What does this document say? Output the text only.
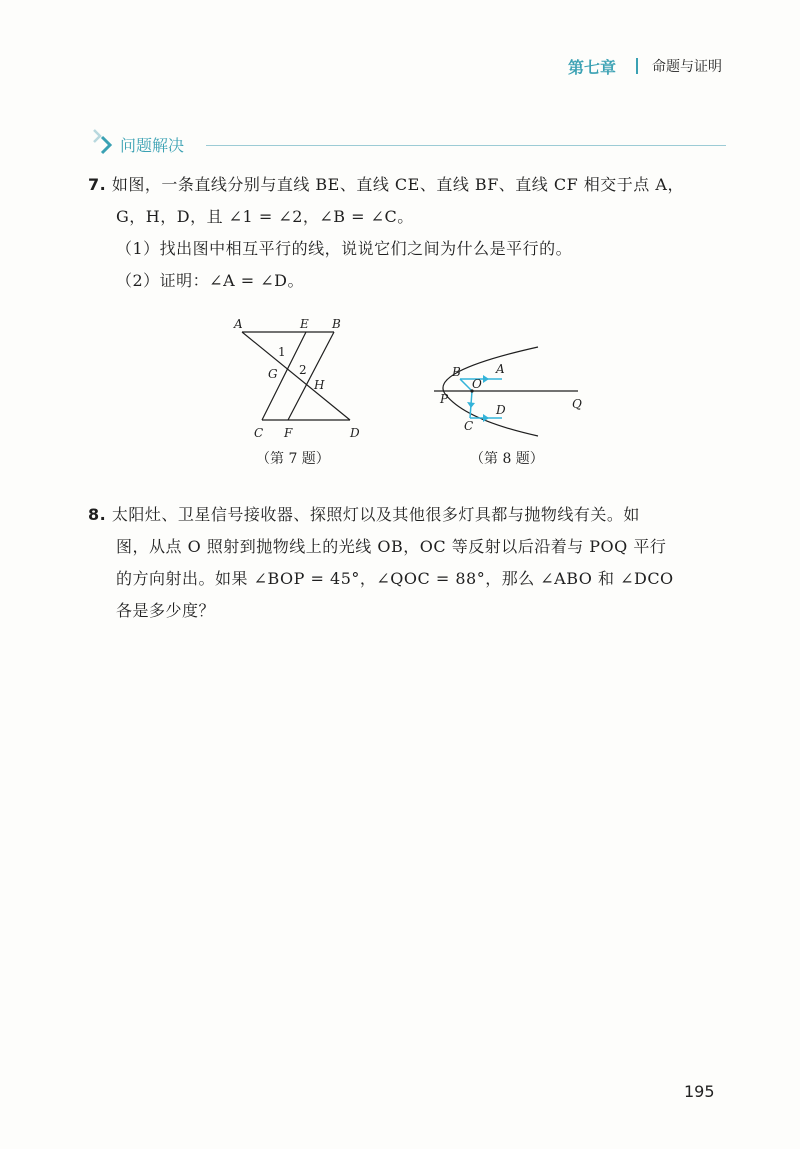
第七章	命题与证明
问题解决
7. 如图，一条直线分别与直线 BE、直线 CE、直线 BF、直线 CF 相交于点 A，
G，H，D，且 ∠1 = ∠2，∠B = ∠C。
（1）找出图中相互平行的线，说说它们之间为什么是平行的。
（2）证明：∠A = ∠D。
A	E B
1
2
G
H
C F	D
（第 7 题）
B	A
O
P	Q
D
C
（第 8 题）
8. 太阳灶、卫星信号接收器、探照灯以及其他很多灯具都与抛物线有关。如
图，从点 O 照射到抛物线上的光线 OB，OC 等反射以后沿着与 POQ 平行
的方向射出。如果 ∠BOP = 45°，∠QOC = 88°，那么 ∠ABO 和 ∠DCO
各是多少度？
195
